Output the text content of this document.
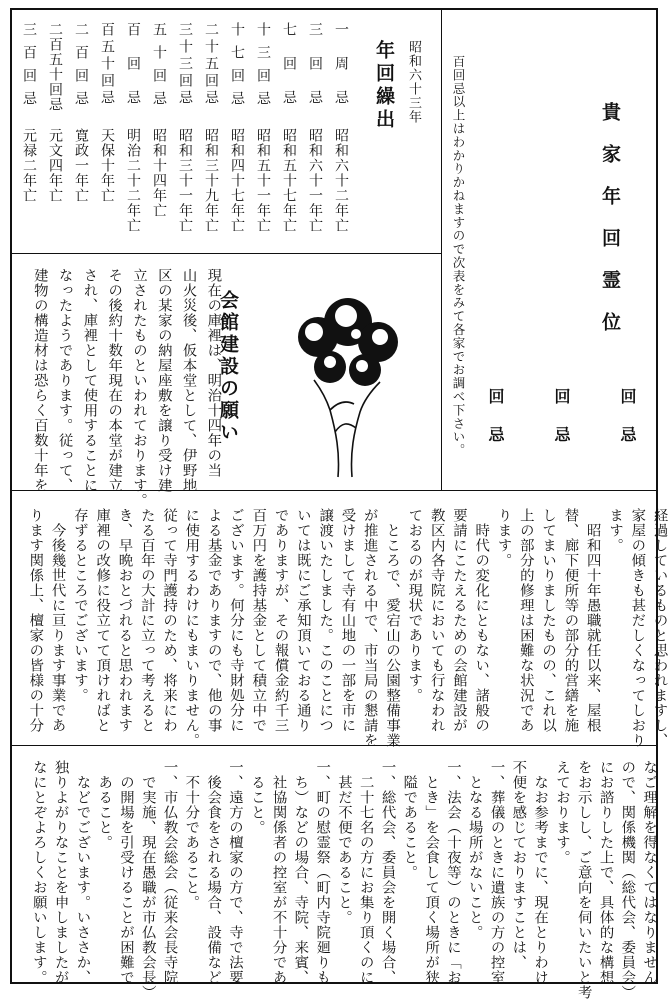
百回忌以上はわかりかねますので次表をみて各家でお調べ下さい。	貴家年回霊位
回忌
回忌
回忌
昭和六十三年
年回繰出
一周忌
昭和六十二年亡
三回忌
昭和六十一年亡
七回忌
昭和五十七年亡
十三回忌
昭和五十一年亡
十七回忌
昭和四十七年亡
二十五回忌
昭和三十九年亡
三十三回忌
昭和三十一年亡
五十回忌
昭和十四年亡
百回忌
明治二十二年亡
百五十回忌
天保十年亡
二百回忌
寛政一年亡
二百五十回忌
元文四年亡
三百回忌
元禄二年亡
会館建設の願い
現在の庫裡は、明治十四年の当
山火災後、仮本堂として、伊野地
区の某家の納屋座敷を譲り受け建
立されたものといわれております。
その後約十数年現在の本堂が建立
され、庫裡として使用することに
なったようであります。従って、
建物の構造材は恐らく百数十年を
経過しているものと思われますし、
家屋の傾きも甚だしくなってしおり
ます。
　昭和四十年愚職就任以来、屋根
替、廊下便所等の部分的営繕を施
してまいりましたものの、これ以
上の部分的修理は困難な状況であ
ります。
　時代の変化にともない、諸般の
要請にこたえるための会館建設が
教区内各寺院においても行なわれ
ておるのが現状であります。
　ところで、愛宕山の公園整備事業
が推進される中で、市当局の懇請を
受けまして寺有山地の一部を市に
譲渡いたしました。このことにつ
いては既にご承知頂いておる通り
でありますが、その報償金約千三
百万円を護持基金として積立中で
ございます。何分にも寺財処分に
よる基金でありますので、他の事
に使用するわけにもまいりません。
従って寺門護持のため、将来にわ
たる百年の大計に立って考えると
き、早晩おとづれると思われます
庫裡の改修に役立てて頂ければと
存ずるところでございます。
　今後幾世代に亘ります事業であ
ります関係上、檀家の皆様の十分
なご理解を得なくてはなりません
ので、関係機関（総代会、委員会）
にお諮りした上で、具体的な構想
をお示しし、ご意向を伺いたいと考
えております。
　なお参考までに、現在とりわけ
不便を感じておりますことは、
一、葬儀のときに遺族の方の控室
　となる場所がないこと。
一、法会（十夜等）のときに「お
　とき」を会食して頂く場所が狭
　隘であること。
一、総代会、委員会を開く場合、
　二十七名の方にお集り頂くのに
　甚だ不便であること。
一、町の慰霊祭（町内寺院廻りも
　ち）などの場合、寺院、来賓、
　社協関係者の控室が不十分であ
　ること。
一、遠方の檀家の方で、寺で法要
　後会食をされる場合、設備など
　不十分であること。
一、市仏教会総会（従来会長寺院
　で実施、現在愚職が市仏教会長）
　の開場を引受けることが困難で
　あること。
　などでございます。いささか、
独りよがりなことを申しましたが
なにとぞよろしくお願いします。
